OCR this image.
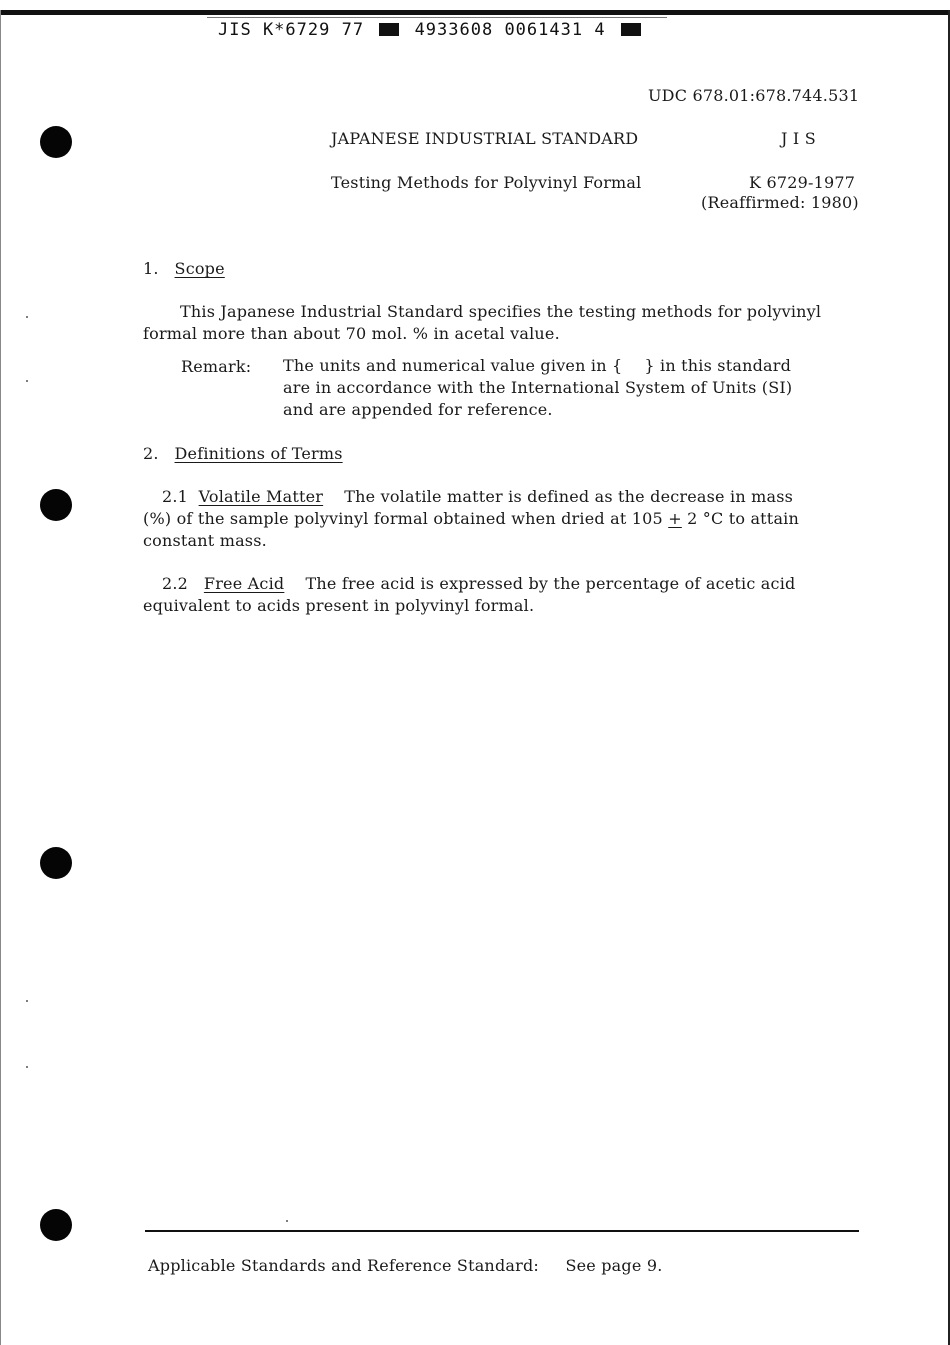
JIS K*6729 77	4933608 0061431 4
UDC 678.01:678.744.531
JAPANESE INDUSTRIAL STANDARD	J I S
Testing Methods for Polyvinyl Formal	K 6729-1977
(Reaffirmed: 1980)
1. Scope
This Japanese Industrial Standard specifies the testing methods for polyvinyl
formal more than about 70 mol. % in acetal value.
Remark: The units and numerical value given in { } in this standard
are in accordance with the International System of Units (SI)
and are appended for reference.
2. Definitions of Terms
2.1 Volatile Matter The volatile matter is defined as the decrease in mass
(%) of the sample polyvinyl formal obtained when dried at 105 + 2 °C to attain
constant mass.
2.2 Free Acid The free acid is expressed by the percentage of acetic acid
equivalent to acids present in polyvinyl formal.
Applicable Standards and Reference Standard: See page 9.
